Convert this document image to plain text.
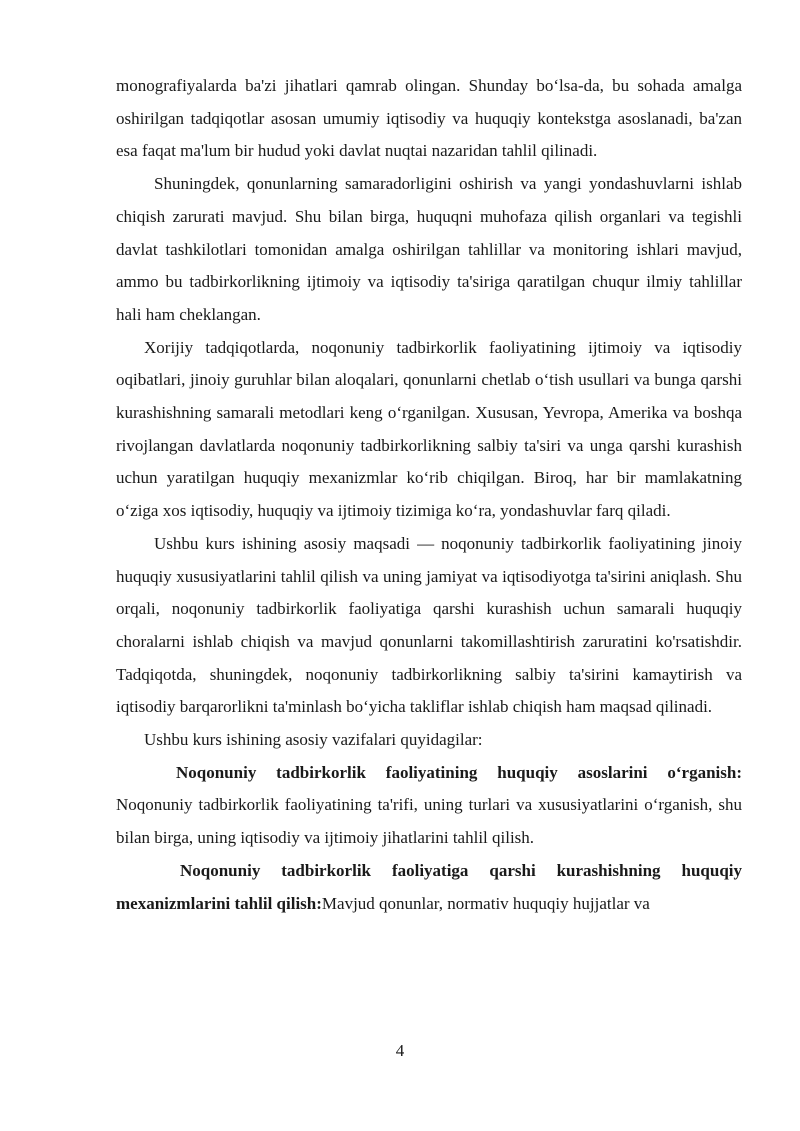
monografiyalarda ba'zi jihatlari qamrab olingan. Shunday bo‘lsa-da, bu sohada amalga oshirilgan tadqiqotlar asosan umumiy iqtisodiy va huquqiy kontekstga asoslanadi, ba'zan esa faqat ma'lum bir hudud yoki davlat nuqtai nazaridan tahlil qilinadi.

Shuningdek, qonunlarning samaradorligini oshirish va yangi yondashuvlarni ishlab chiqish zarurati mavjud. Shu bilan birga, huquqni muhofaza qilish organlari va tegishli davlat tashkilotlari tomonidan amalga oshirilgan tahlillar va monitoring ishlari mavjud, ammo bu tadbirkorlikning ijtimoiy va iqtisodiy ta'siriga qaratilgan chuqur ilmiy tahlillar hali ham cheklangan.

Xorijiy tadqiqotlarda, noqonuniy tadbirkorlik faoliyatining ijtimoiy va iqtisodiy oqibatlari, jinoiy guruhlar bilan aloqalari, qonunlarni chetlab o‘tish usullari va bunga qarshi kurashishning samarali metodlari keng o‘rganilgan. Xususan, Yevropa, Amerika va boshqa rivojlangan davlatlarda noqonuniy tadbirkorlikning salbiy ta'siri va unga qarshi kurashish uchun yaratilgan huquqiy mexanizmlar ko‘rib chiqilgan. Biroq, har bir mamlakatning o‘ziga xos iqtisodiy, huquqiy va ijtimoiy tizimiga ko‘ra, yondashuvlar farq qiladi.

Ushbu kurs ishining asosiy maqsadi — noqonuniy tadbirkorlik faoliyatining jinoiy huquqiy xususiyatlarini tahlil qilish va uning jamiyat va iqtisodiyotga ta'sirini aniqlash. Shu orqali, noqonuniy tadbirkorlik faoliyatiga qarshi kurashish uchun samarali huquqiy choralarni ishlab chiqish va mavjud qonunlarni takomillashtirish zaruratini ko'rsatishdir. Tadqiqotda, shuningdek, noqonuniy tadbirkorlikning salbiy ta'sirini kamaytirish va iqtisodiy barqarorlikni ta'minlash bo‘yicha takliflar ishlab chiqish ham maqsad qilinadi.

Ushbu kurs ishining asosiy vazifalari quyidagilar:

Noqonuniy tadbirkorlik faoliyatining huquqiy asoslarini o‘rganish: Noqonuniy tadbirkorlik faoliyatining ta'rifi, uning turlari va xususiyatlarini o‘rganish, shu bilan birga, uning iqtisodiy va ijtimoiy jihatlarini tahlil qilish.

Noqonuniy tadbirkorlik faoliyatiga qarshi kurashishning huquqiy mexanizmlarini tahlil qilish:Mavjud qonunlar, normativ huquqiy hujjatlar va

4
